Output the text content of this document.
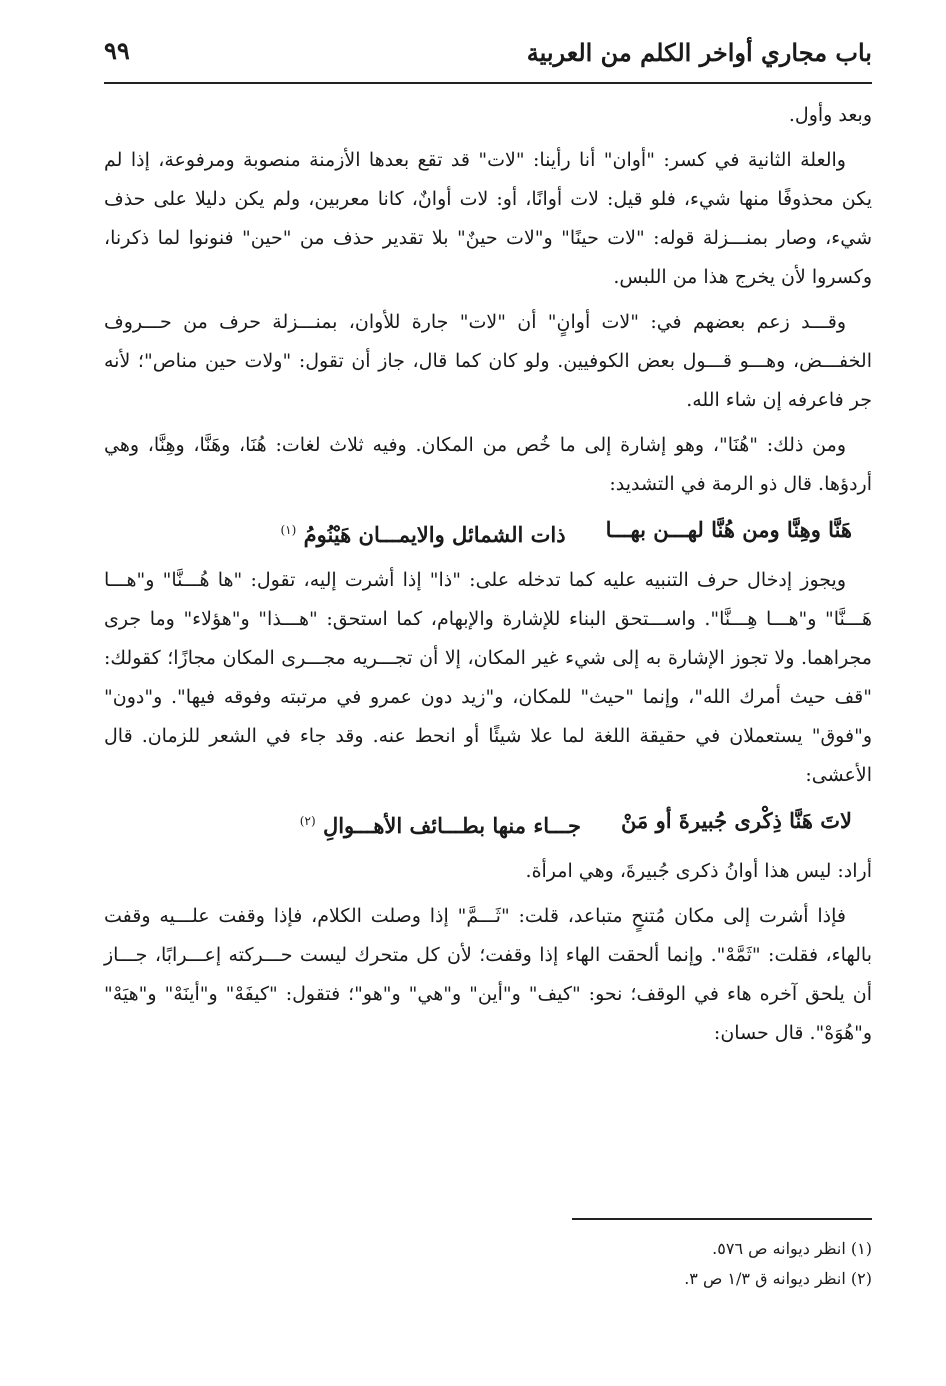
باب مجاري أواخر الكلم من العربية
٩٩

وبعد وأول.

والعلة الثانية في كسر: "أوان" أنا رأينا: "لات" قد تقع بعدها الأزمنة منصوبة ومرفوعة، إذا لم يكن محذوفًا منها شيء، فلو قيل: لات أوانًا، أو: لات أوانٌ، كانا معربين، ولم يكن دليلا على حذف شيء، وصار بمنـــزلة قوله: "لات حينًا" و"لات حينٌ" بلا تقدير حذف من "حين" فنونوا لما ذكرنا، وكسروا لأن يخرج هذا من اللبس.

وقـــد زعم بعضهم في: "لات أوانٍ" أن "لات" جارة للأوان، بمنـــزلة حرف من حـــروف الخفـــض، وهـــو قـــول بعض الكوفيين. ولو كان كما قال، جاز أن تقول: "ولات حين مناص"؛ لأنه جر فاعرفه إن شاء الله.

ومن ذلك: "هُنَا"، وهو إشارة إلى ما خُص من المكان. وفيه ثلاث لغات: هُنَا، وهَنَّا، وهِنَّا، وهي أردؤها. قال ذو الرمة في التشديد:

هَنَّا وهِنَّا ومن هُنَّا لهـــن بهـــا
ذات الشمائل والايمـــان هَيْنُومُ $^{(١)}$

ويجوز إدخال حرف التنبيه عليه كما تدخله على: "ذا" إذا أشرت إليه، تقول: "ها هُـــنَّا" و"هـــا هَـــنَّا" و"هـــا هِـــنَّا". واســـتحق البناء للإشارة والإبهام، كما استحق: "هـــذا" و"هؤلاء" وما جرى مجراهما. ولا تجوز الإشارة به إلى شيء غير المكان، إلا أن تجـــريه مجـــرى المكان مجازًا؛ كقولك: "قف حيث أمرك الله"، وإنما "حيث" للمكان، و"زيد دون عمرو في مرتبته وفوقه فيها". و"دون" و"فوق" يستعملان في حقيقة اللغة لما علا شيئًا أو انحط عنه. وقد جاء في الشعر للزمان. قال الأعشى:

لاتَ هَنَّا ذِكْرى جُبيرةَ أو مَنْ
جـــاء منها بطـــائف الأهـــوالِ $^{(٢)}$

أراد: ليس هذا أوانُ ذكرى جُبيرةَ، وهي امرأة.

فإذا أشرت إلى مكان مُتنحٍ متباعد، قلت: "ثَـــمَّ" إذا وصلت الكلام، فإذا وقفت علـــيه وقفت بالهاء، فقلت: "ثَمَّهْ". وإنما ألحقت الهاء إذا وقفت؛ لأن كل متحرك ليست حـــركته إعـــرابًا، جـــاز أن يلحق آخره هاء في الوقف؛ نحو: "كيف" و"أين" و"هي" و"هو"؛ فتقول: "كيفَهْ" و"أينَهْ" و"هيَهْ" و"هُوَهْ". قال حسان:

(١) انظر ديوانه ص ٥٧٦.

(٢) انظر ديوانه ق ١/٣ ص ٣.
